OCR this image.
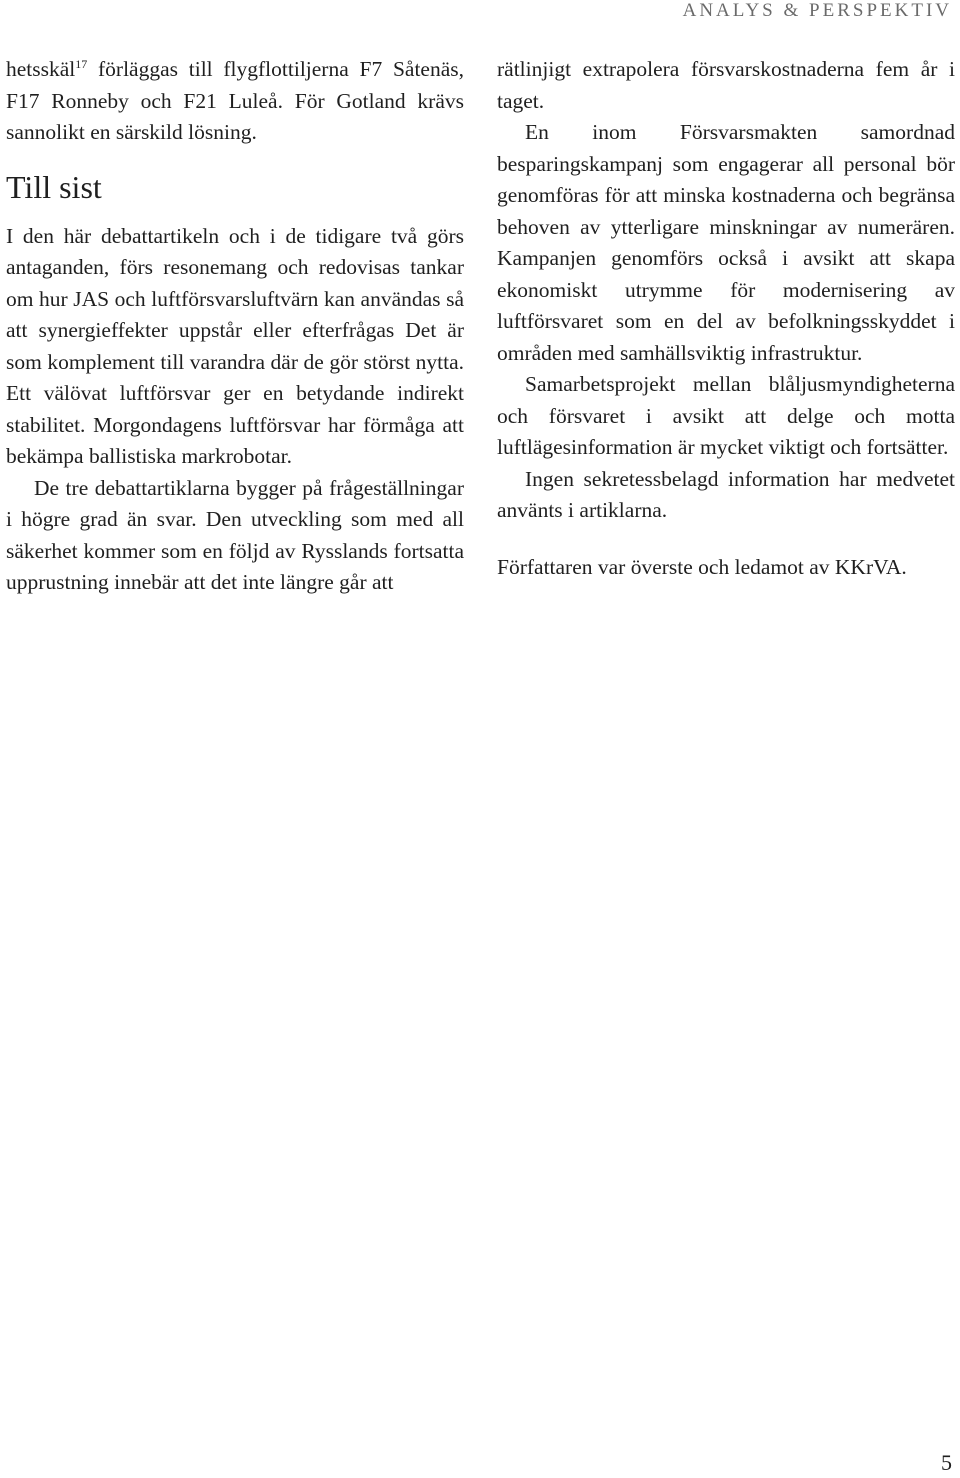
ANALYS & PERSPEKTIV

hetsskäl$^{17}$ förläggas till flygflottiljerna F7 Såtenäs, F17 Ronneby och F21 Luleå. För Gotland krävs sannolikt en särskild lösning.

Till sist

I den här debattartikeln och i de tidigare två görs antaganden, förs resonemang och redovisas tankar om hur JAS och luftförsvarsluftvärn kan användas så att synergieffekter uppstår eller efterfrågas Det är som komplement till varandra där de gör störst nytta. Ett välövat luftförsvar ger en betydande indirekt stabilitet. Morgondagens luftförsvar har förmåga att bekämpa ballistiska markrobotar.

De tre debattartiklarna bygger på frågeställningar i högre grad än svar. Den utveckling som med all säkerhet kommer som en följd av Rysslands fortsatta upprustning innebär att det inte längre går att

rätlinjigt extrapolera försvarskostnaderna fem år i taget.

En inom Försvarsmakten samordnad besparingskampanj som engagerar all personal bör genomföras för att minska kostnaderna och begränsa behoven av ytterligare minskningar av numerären. Kampanjen genomförs också i avsikt att skapa ekonomiskt utrymme för modernisering av luftförsvaret som en del av befolkningsskyddet i områden med samhällsviktig infrastruktur.

Samarbetsprojekt mellan blåljusmyndigheterna och försvaret i avsikt att delge och motta luftlägesinformation är mycket viktigt och fortsätter.

Ingen sekretessbelagd information har medvetet använts i artiklarna.

Författaren var överste och ledamot av KKrVA.

5
